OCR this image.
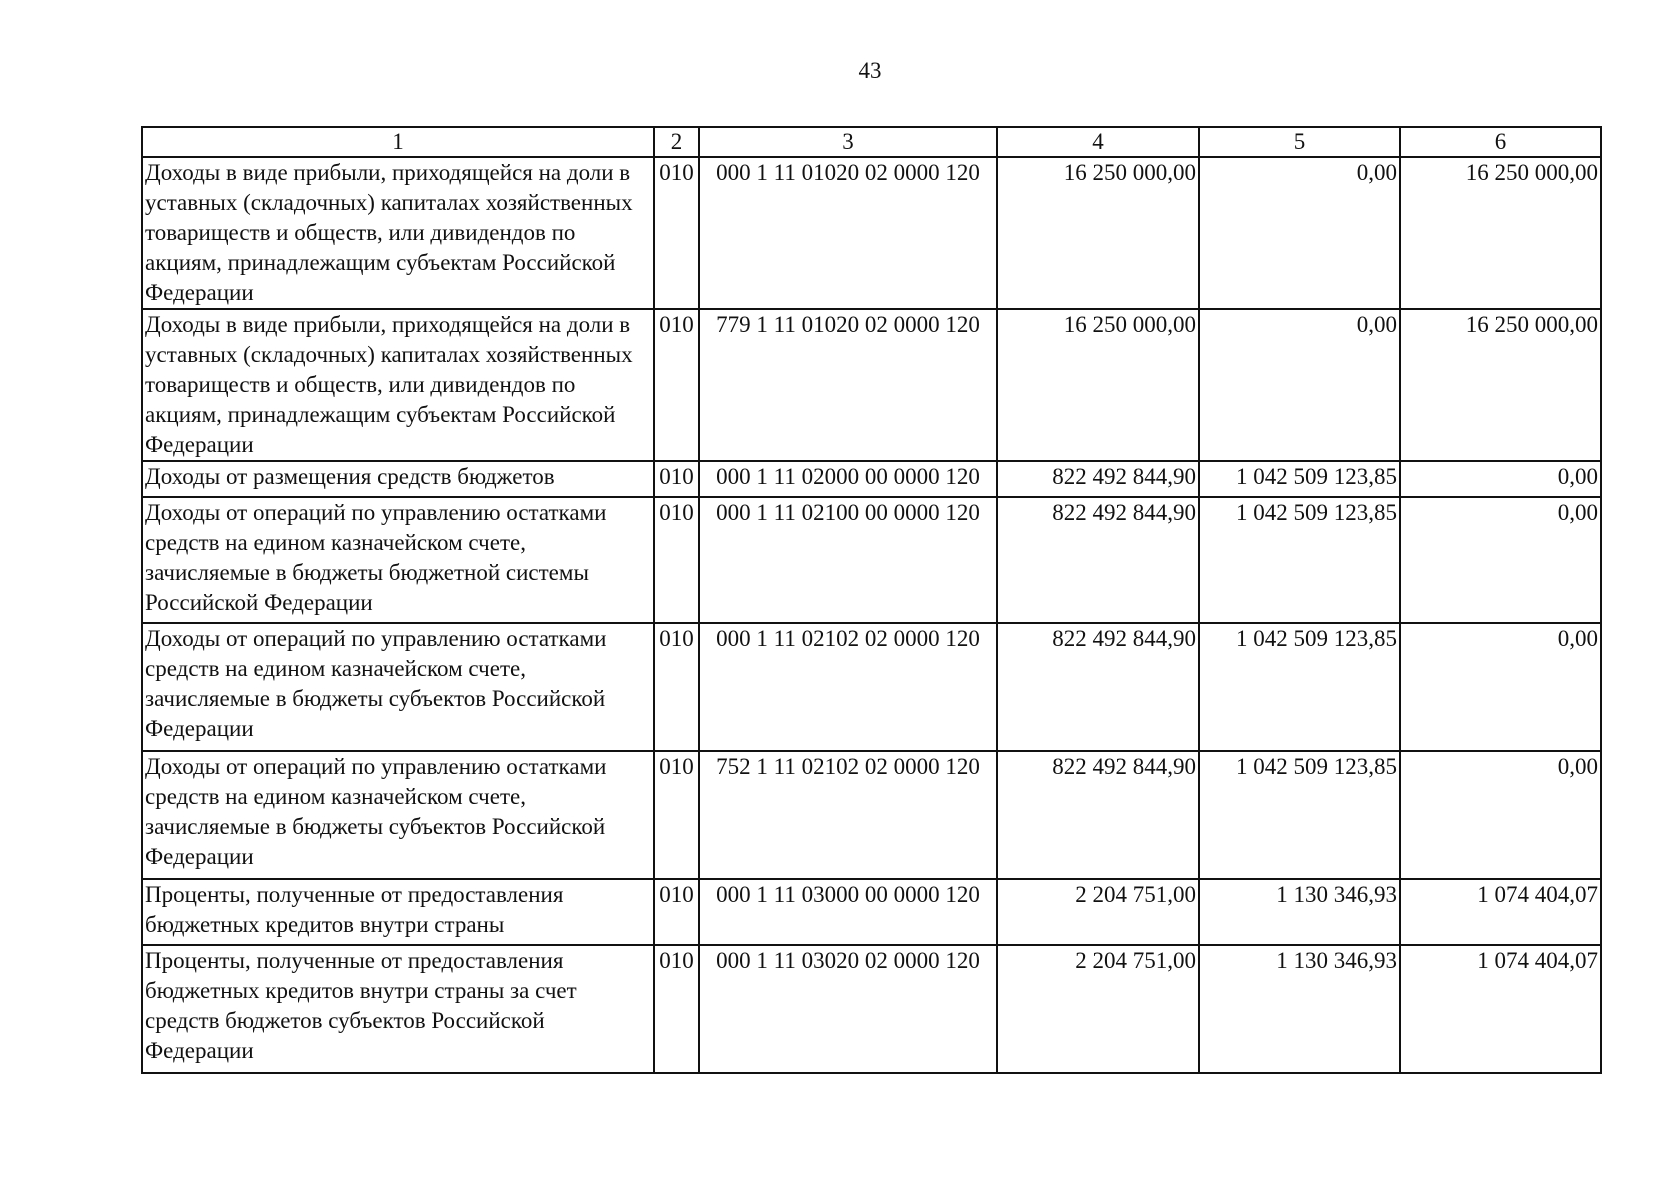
43
1	2	3	4	5	6
Доходы в виде прибыли, приходящейся на доли в уставных (складочных) капиталах хозяйственных товариществ и обществ, или дивидендов по акциям, принадлежащим субъектам Российской Федерации	010	000 1 11 01020 02 0000 120	16 250 000,00	0,00	16 250 000,00
Доходы в виде прибыли, приходящейся на доли в уставных (складочных) капиталах хозяйственных товариществ и обществ, или дивидендов по акциям, принадлежащим субъектам Российской Федерации	010	779 1 11 01020 02 0000 120	16 250 000,00	0,00	16 250 000,00
Доходы от размещения средств бюджетов	010	000 1 11 02000 00 0000 120	822 492 844,90	1 042 509 123,85	0,00
Доходы от операций по управлению остатками средств на едином казначейском счете, зачисляемые в бюджеты бюджетной системы Российской Федерации	010	000 1 11 02100 00 0000 120	822 492 844,90	1 042 509 123,85	0,00
Доходы от операций по управлению остатками средств на едином казначейском счете, зачисляемые в бюджеты субъектов Российской Федерации	010	000 1 11 02102 02 0000 120	822 492 844,90	1 042 509 123,85	0,00
Доходы от операций по управлению остатками средств на едином казначейском счете, зачисляемые в бюджеты субъектов Российской Федерации	010	752 1 11 02102 02 0000 120	822 492 844,90	1 042 509 123,85	0,00
Проценты, полученные от предоставления бюджетных кредитов внутри страны	010	000 1 11 03000 00 0000 120	2 204 751,00	1 130 346,93	1 074 404,07
Проценты, полученные от предоставления бюджетных кредитов внутри страны за счет средств бюджетов субъектов Российской Федерации	010	000 1 11 03020 02 0000 120	2 204 751,00	1 130 346,93	1 074 404,07
